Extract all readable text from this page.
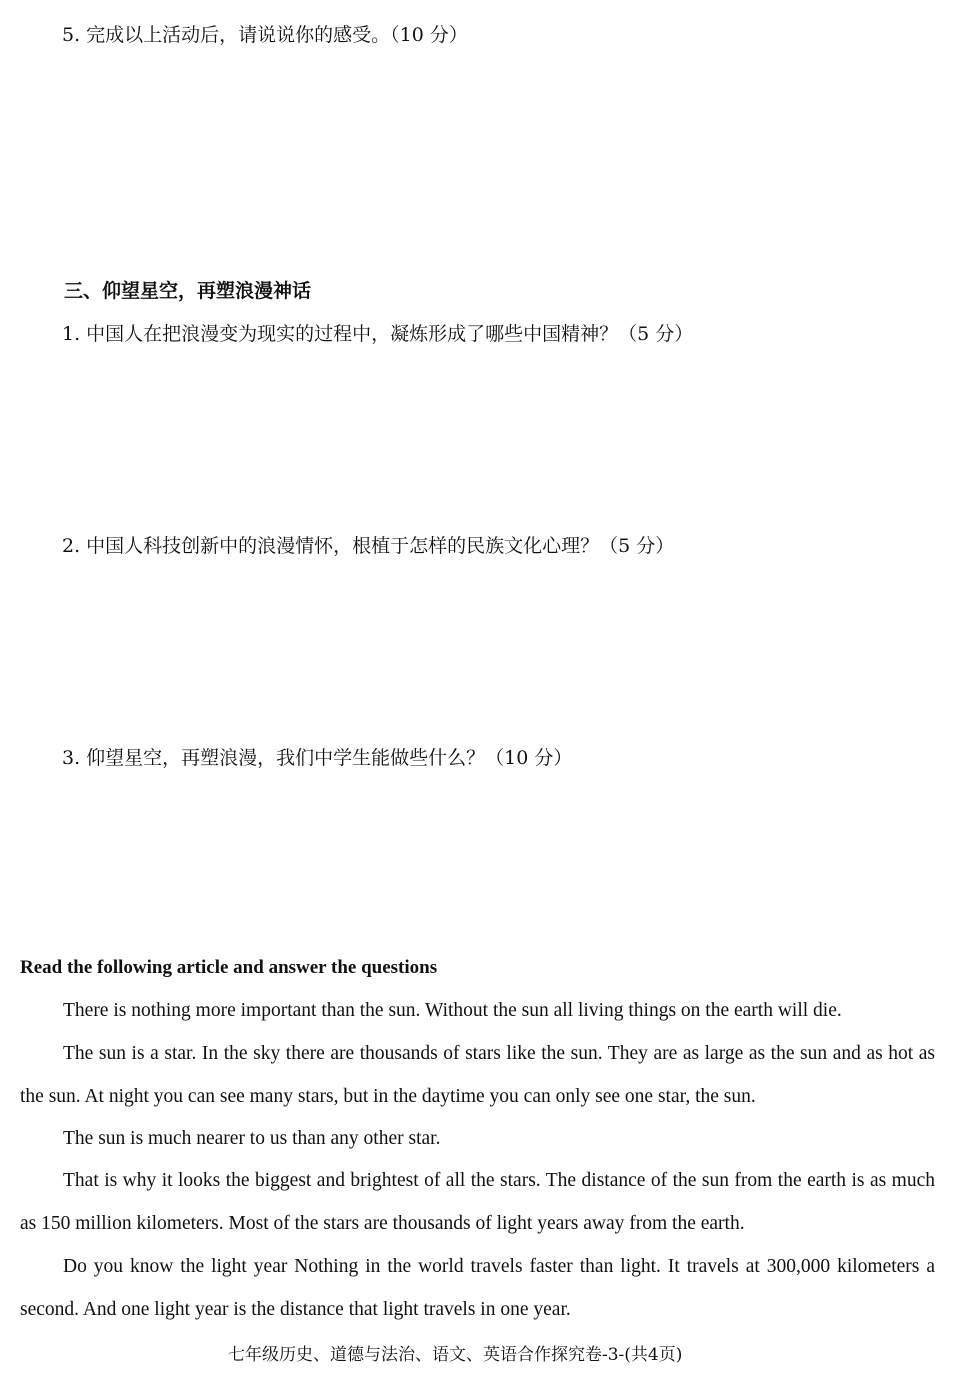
5. 完成以上活动后，请说说你的感受。（10 分）
三、仰望星空，再塑浪漫神话
1. 中国人在把浪漫变为现实的过程中，凝炼形成了哪些中国精神？（5 分）
2. 中国人科技创新中的浪漫情怀，根植于怎样的民族文化心理？（5 分）
3. 仰望星空，再塑浪漫，我们中学生能做些什么？（10 分）
Read the following article and answer the questions

There is nothing more important than the sun. Without the sun all living things on the earth will die.

The sun is a star. In the sky there are thousands of stars like the sun. They are as large as the sun and as hot as the sun. At night you can see many stars, but in the daytime you can only see one star, the sun.

The sun is much nearer to us than any other star.

That is why it looks the biggest and brightest of all the stars. The distance of the sun from the earth is as much as 150 million kilometers. Most of the stars are thousands of light years away from the earth.

Do you know the light year Nothing in the world travels faster than light. It travels at 300,000 kilometers a second. And one light year is the distance that light travels in one year.

七年级历史、道德与法治、语文、英语合作探究卷-3-(共4页)
